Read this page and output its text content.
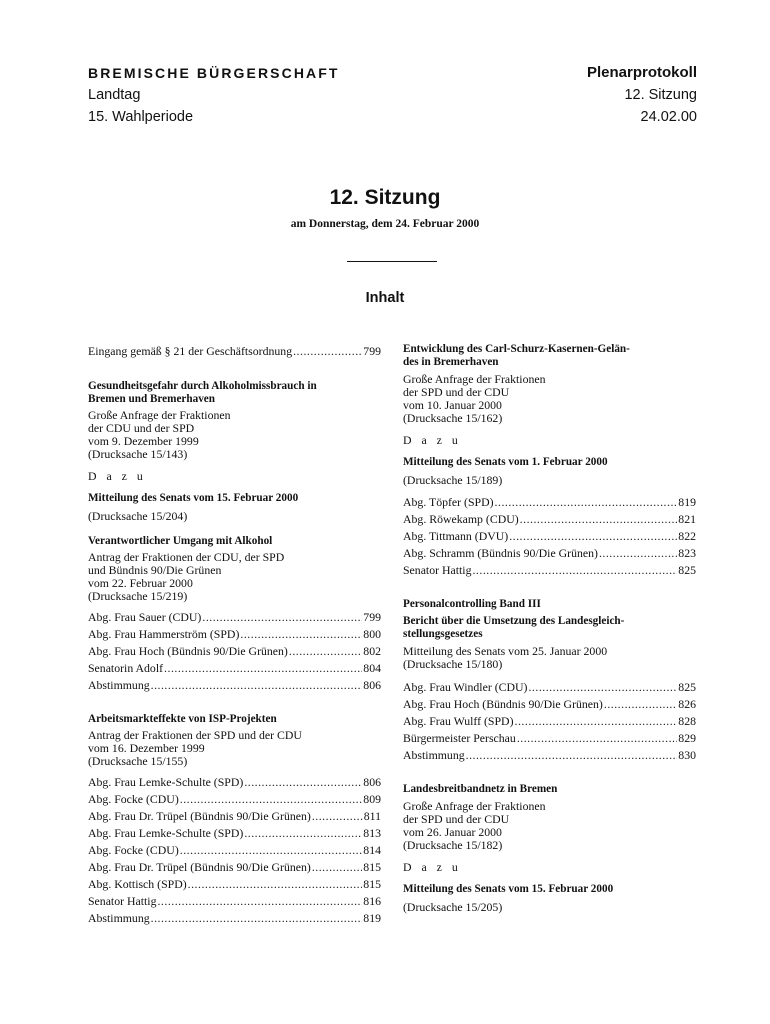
BREMISCHE BÜRGERSCHAFT	Plenarprotokoll
Landtag	12. Sitzung
15. Wahlperiode	24.02.00
12. Sitzung
am Donnerstag, dem 24. Februar 2000
Inhalt
Eingang gemäß § 21 der Geschäftsordnung .....	799
Gesundheitsgefahr durch Alkoholmissbrauch in
Bremen und Bremerhaven
Große Anfrage der Fraktionen
der CDU und der SPD
vom 9. Dezember 1999
(Drucksache 15/143)
D a z u
Mitteilung des Senats vom 15. Februar 2000
(Drucksache 15/204)
Verantwortlicher Umgang mit Alkohol
Antrag der Fraktionen der CDU, der SPD
und Bündnis 90/Die Grünen
vom 22. Februar 2000
(Drucksache 15/219)
Abg. Frau Sauer (CDU) .....	799
Abg. Frau Hammerström (SPD) .....	800
Abg. Frau Hoch (Bündnis 90/Die Grünen) .....	802
Senatorin Adolf .....	804
Abstimmung .....	806
Arbeitsmarkteffekte von ISP-Projekten
Antrag der Fraktionen der SPD und der CDU
vom 16. Dezember 1999
(Drucksache 15/155)
Abg. Frau Lemke-Schulte (SPD) .....	806
Abg. Focke (CDU) .....	809
Abg. Frau Dr. Trüpel (Bündnis 90/Die Grünen) .....	811
Abg. Frau Lemke-Schulte (SPD) .....	813
Abg. Focke (CDU) .....	814
Abg. Frau Dr. Trüpel (Bündnis 90/Die Grünen) .....	815
Abg. Kottisch (SPD) .....	815
Senator Hattig .....	816
Abstimmung .....	819
Entwicklung des Carl-Schurz-Kasernen-Gelän-
des in Bremerhaven
Große Anfrage der Fraktionen
der SPD und der CDU
vom 10. Januar 2000
(Drucksache 15/162)
D a z u
Mitteilung des Senats vom 1. Februar 2000
(Drucksache 15/189)
Abg. Töpfer (SPD) .....	819
Abg. Röwekamp (CDU) .....	821
Abg. Tittmann (DVU) .....	822
Abg. Schramm (Bündnis 90/Die Grünen) .....	823
Senator Hattig .....	825
Personalcontrolling Band III
Bericht über die Umsetzung des Landesgleich-
stellungsgesetzes
Mitteilung des Senats vom 25. Januar 2000
(Drucksache 15/180)
Abg. Frau Windler (CDU) .....	825
Abg. Frau Hoch (Bündnis 90/Die Grünen) .....	826
Abg. Frau Wulff (SPD) .....	828
Bürgermeister Perschau .....	829
Abstimmung .....	830
Landesbreitbandnetz in Bremen
Große Anfrage der Fraktionen
der SPD und der CDU
vom 26. Januar 2000
(Drucksache 15/182)
D a z u
Mitteilung des Senats vom 15. Februar 2000
(Drucksache 15/205)
